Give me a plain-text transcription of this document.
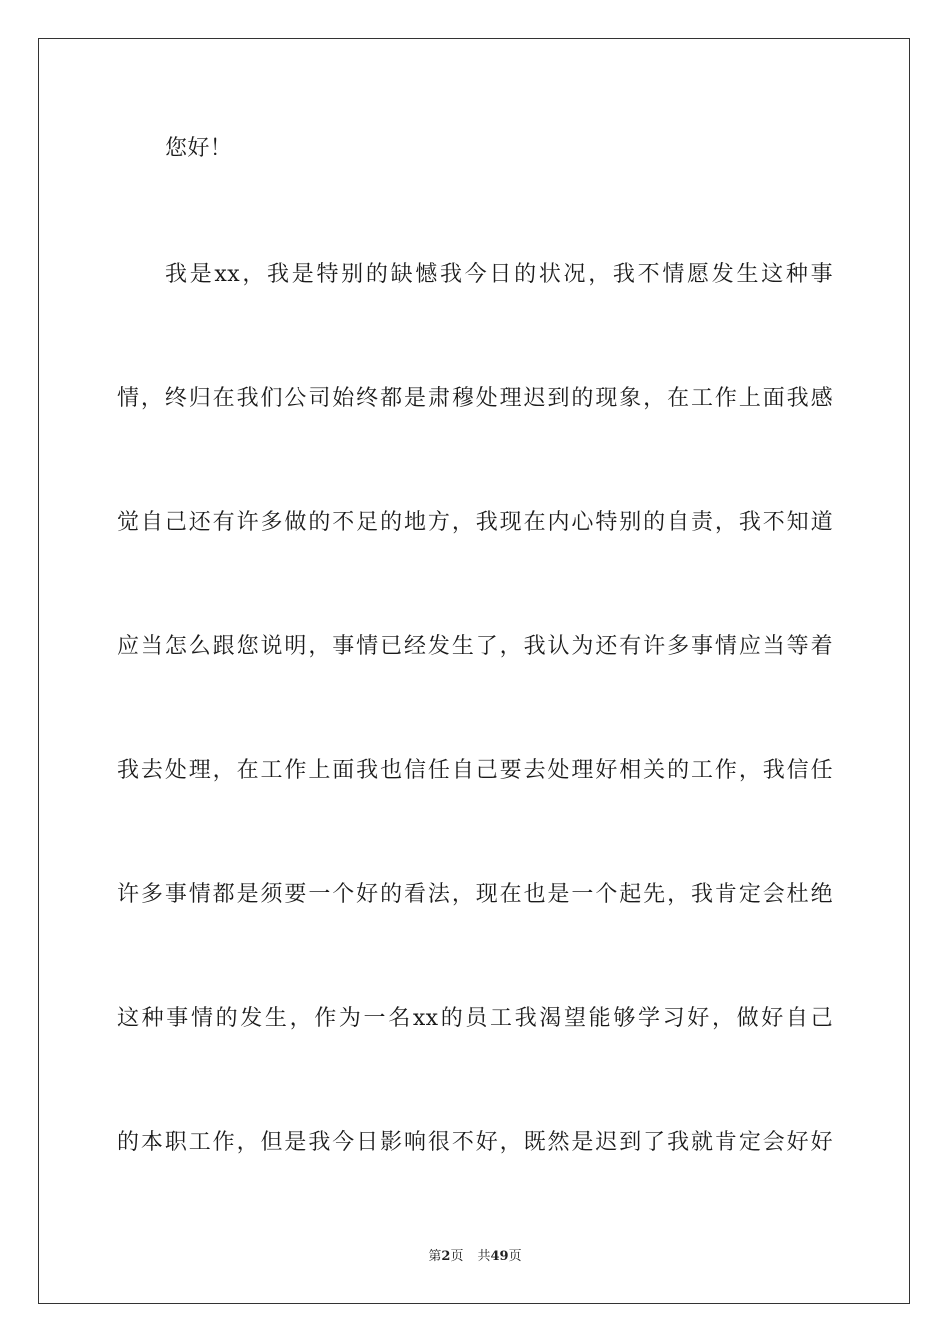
您好！
我是xx，我是特别的缺憾我今日的状况，我不情愿发生这种事
情，终归在我们公司始终都是肃穆处理迟到的现象，在工作上面我感
觉自己还有许多做的不足的地方，我现在内心特别的自责，我不知道
应当怎么跟您说明，事情已经发生了，我认为还有许多事情应当等着
我去处理，在工作上面我也信任自己要去处理好相关的工作，我信任
许多事情都是须要一个好的看法，现在也是一个起先，我肯定会杜绝
这种事情的发生，作为一名xx的员工我渴望能够学习好，做好自己
的本职工作，但是我今日影响很不好，既然是迟到了我就肯定会好好
第2页 共49页
